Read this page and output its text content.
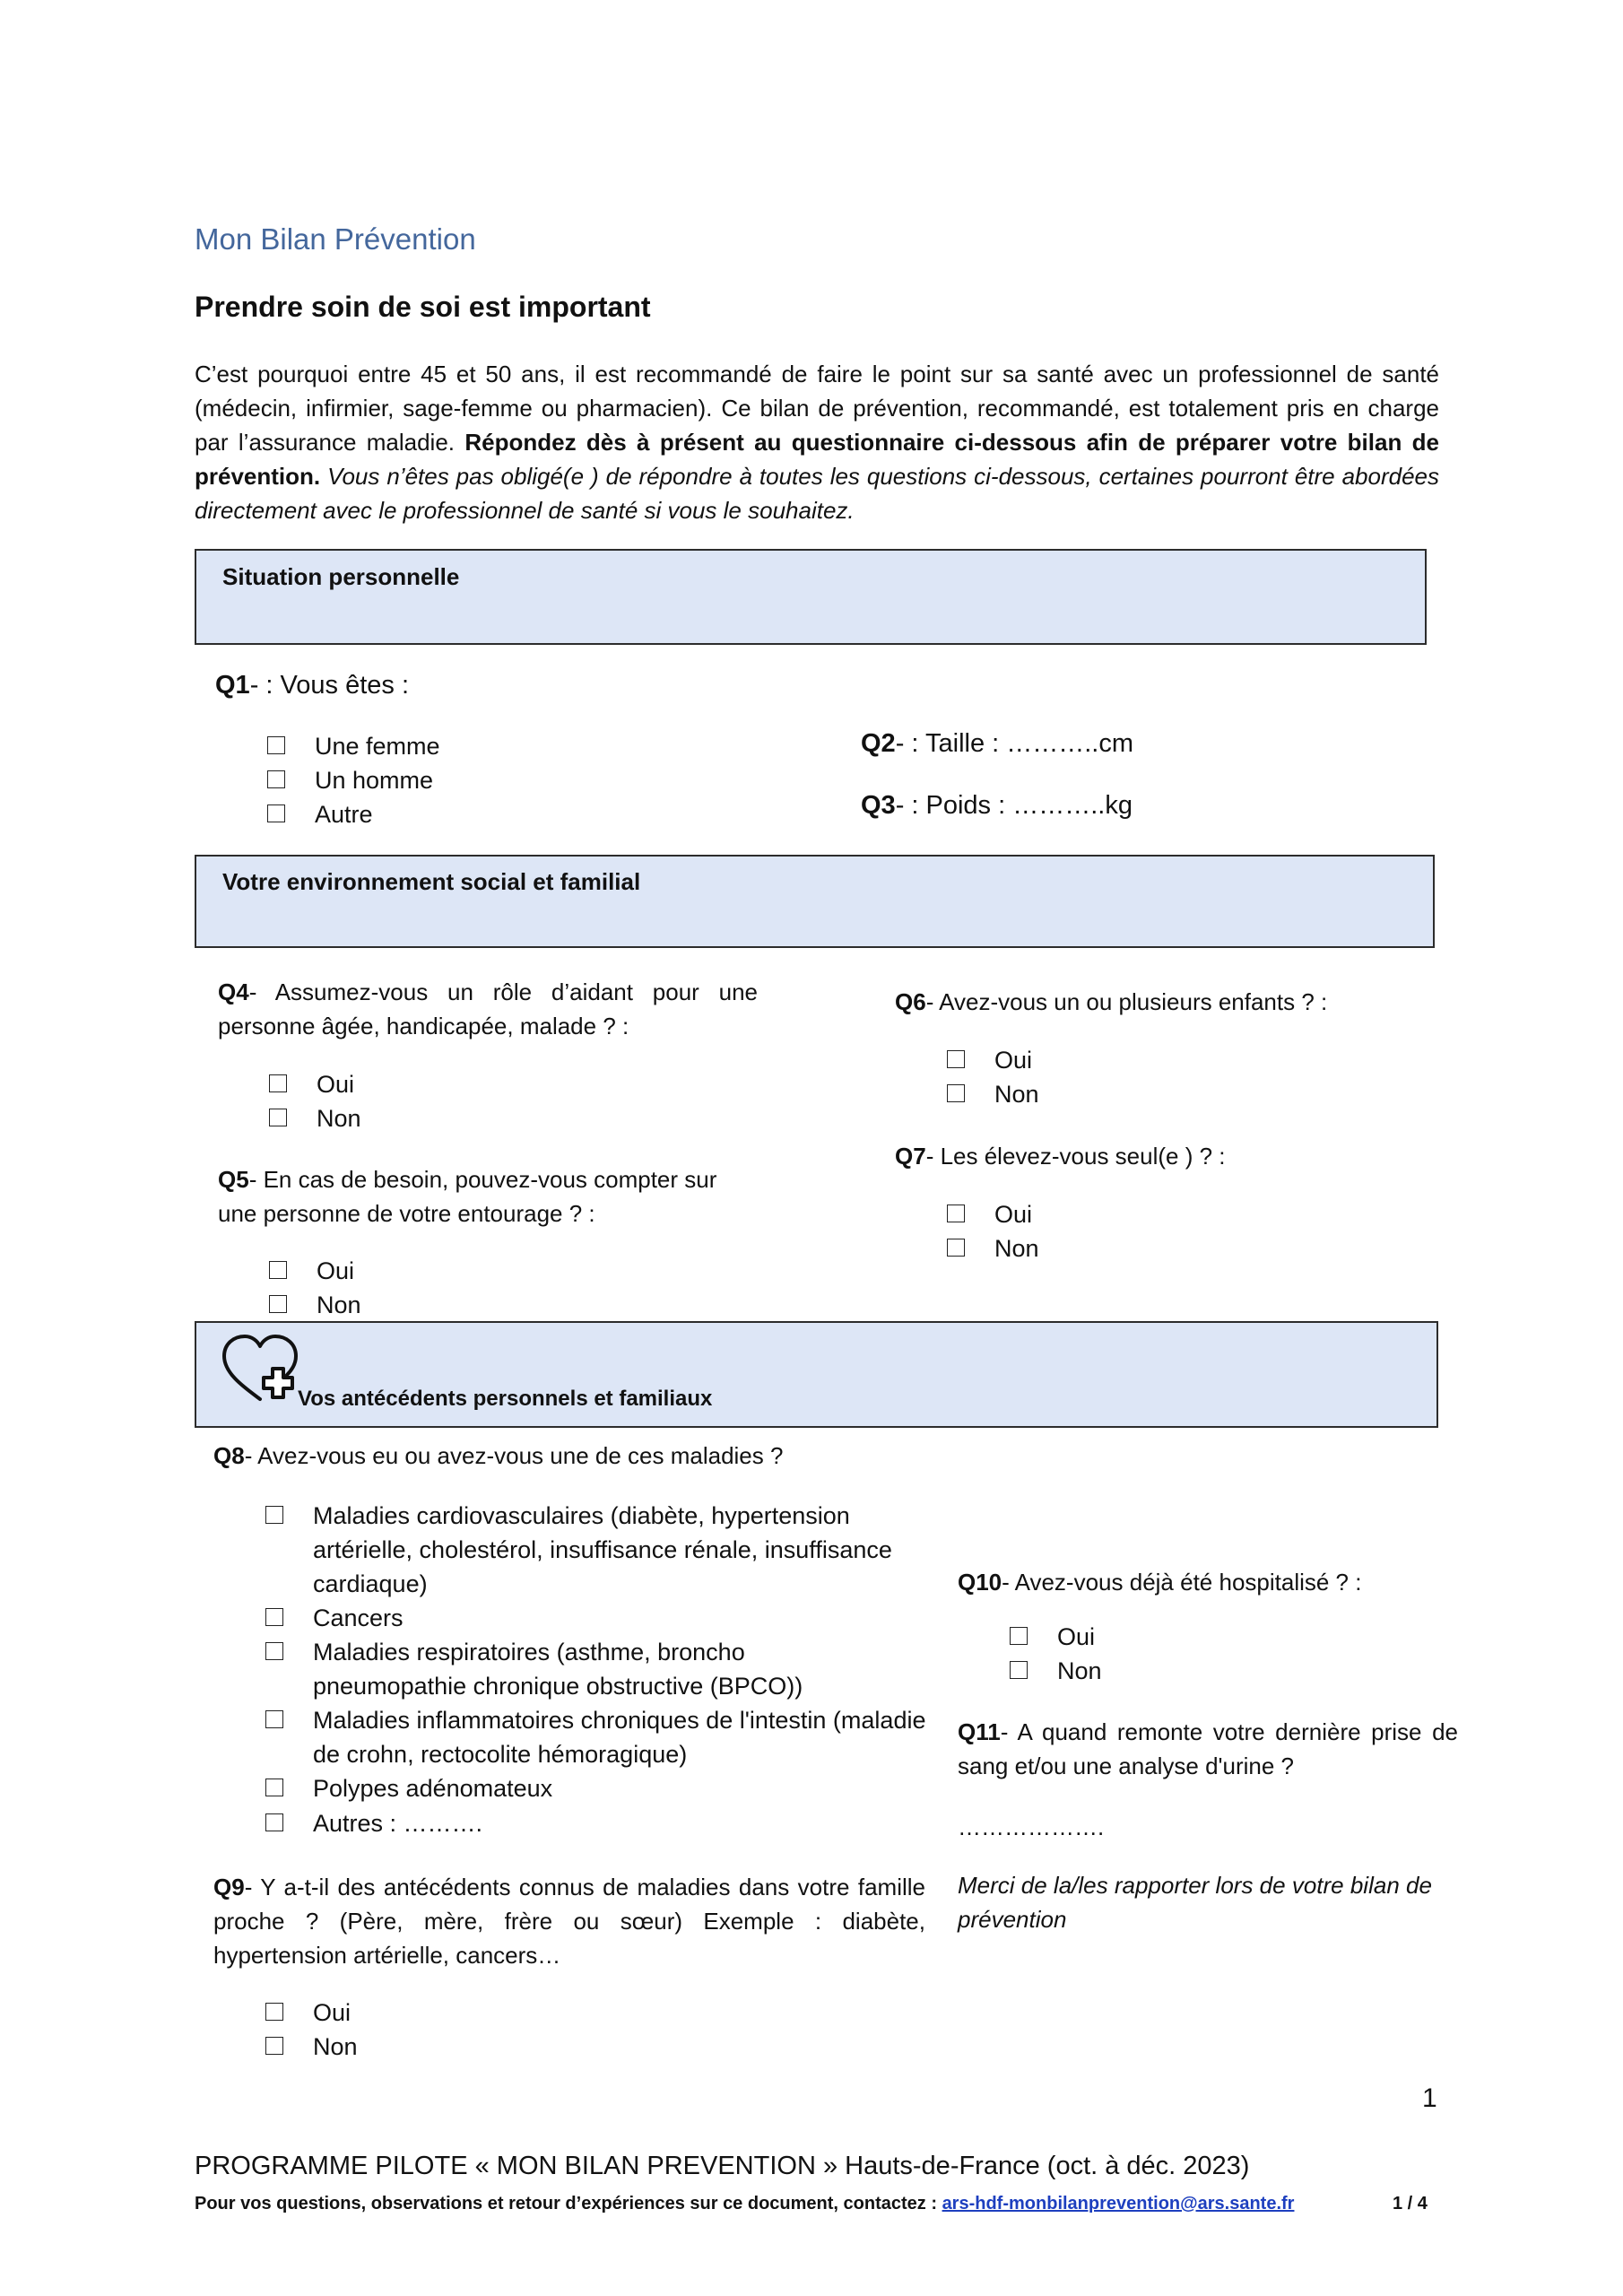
Mon Bilan Prévention
Prendre soin de soi est important
C’est pourquoi entre 45 et 50 ans, il est recommandé de faire le point sur sa santé avec un professionnel de santé (médecin, infirmier, sage-femme ou pharmacien). Ce bilan de prévention, recommandé, est totalement pris en charge par l’assurance maladie. Répondez dès à présent au questionnaire ci-dessous afin de préparer votre bilan de prévention. Vous n’êtes pas obligé(e ) de répondre à toutes les questions ci-dessous, certaines pourront être abordées directement avec le professionnel de santé si vous le souhaitez.
Situation personnelle
Q1- : Vous êtes :
Une femme
Un homme
Autre
Q2- : Taille : ………..cm
Q3- : Poids : ………..kg
Votre environnement social et familial
Q4- Assumez-vous un rôle d’aidant pour une personne âgée, handicapée, malade ? :
Oui
Non
Q5- En cas de besoin, pouvez-vous compter sur une personne de votre entourage ? :
Oui
Non
Q6- Avez-vous un ou plusieurs enfants ? :
Oui
Non
Q7- Les élevez-vous seul(e ) ? :
Oui
Non
Vos antécédents personnels et familiaux
Q8- Avez-vous eu ou avez-vous une de ces maladies ?
Maladies cardiovasculaires (diabète, hypertension artérielle, cholestérol, insuffisance rénale, insuffisance cardiaque)
Cancers
Maladies respiratoires (asthme, broncho pneumopathie chronique obstructive (BPCO))
Maladies inflammatoires chroniques de l'intestin (maladie de crohn, rectocolite hémoragique)
Polypes adénomateux
Autres : ……….
Q9- Y a-t-il des antécédents connus de maladies dans votre famille proche ? (Père, mère, frère ou sœur) Exemple : diabète, hypertension artérielle, cancers…
Oui
Non
Q10- Avez-vous déjà été hospitalisé ? :
Oui
Non
Q11- A quand remonte votre dernière prise de sang et/ou une analyse d'urine ?
……………….
Merci de la/les rapporter lors de votre bilan de prévention
1
PROGRAMME PILOTE « MON BILAN PREVENTION » Hauts-de-France (oct. à déc. 2023)
Pour vos questions, observations et retour d’expériences sur ce document, contactez : ars-hdf-monbilanprevention@ars.sante.fr	1 / 4
